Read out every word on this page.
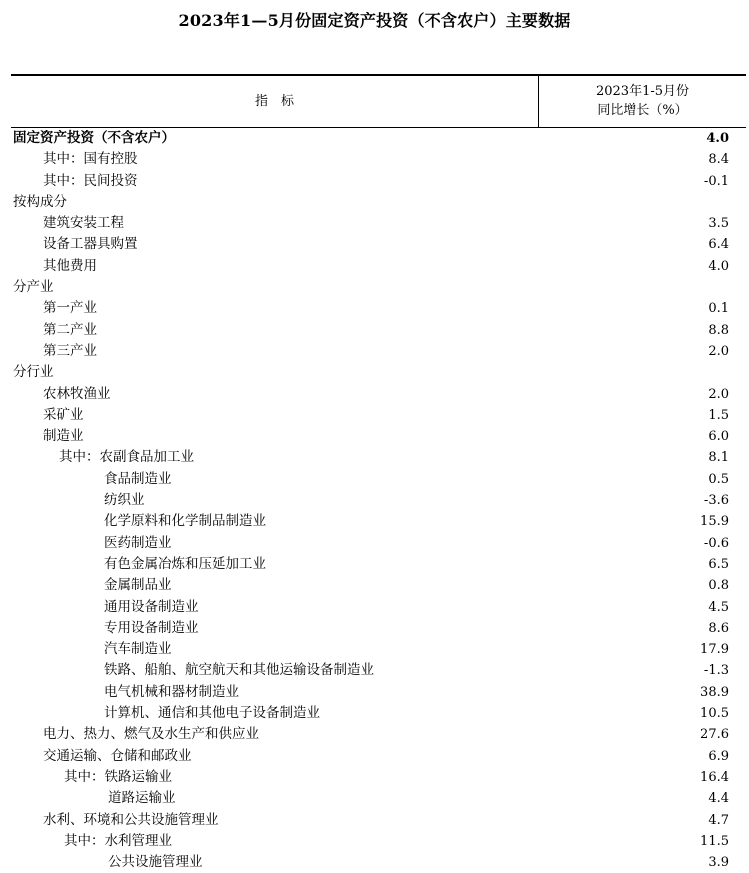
2023年1—5月份固定资产投资（不含农户）主要数据
指　标
2023年1-5月份
同比增长（%）
固定资产投资（不含农户）	4.0
其中：国有控股	8.4
其中：民间投资	-0.1
按构成分
建筑安装工程	3.5
设备工器具购置	6.4
其他费用	4.0
分产业
第一产业	0.1
第二产业	8.8
第三产业	2.0
分行业
农林牧渔业	2.0
采矿业	1.5
制造业	6.0
其中：农副食品加工业	8.1
食品制造业	0.5
纺织业	-3.6
化学原料和化学制品制造业	15.9
医药制造业	-0.6
有色金属冶炼和压延加工业	6.5
金属制品业	0.8
通用设备制造业	4.5
专用设备制造业	8.6
汽车制造业	17.9
铁路、船舶、航空航天和其他运输设备制造业	-1.3
电气机械和器材制造业	38.9
计算机、通信和其他电子设备制造业	10.5
电力、热力、燃气及水生产和供应业	27.6
交通运输、仓储和邮政业	6.9
其中：铁路运输业	16.4
道路运输业	4.4
水利、环境和公共设施管理业	4.7
其中：水利管理业	11.5
公共设施管理业	3.9
